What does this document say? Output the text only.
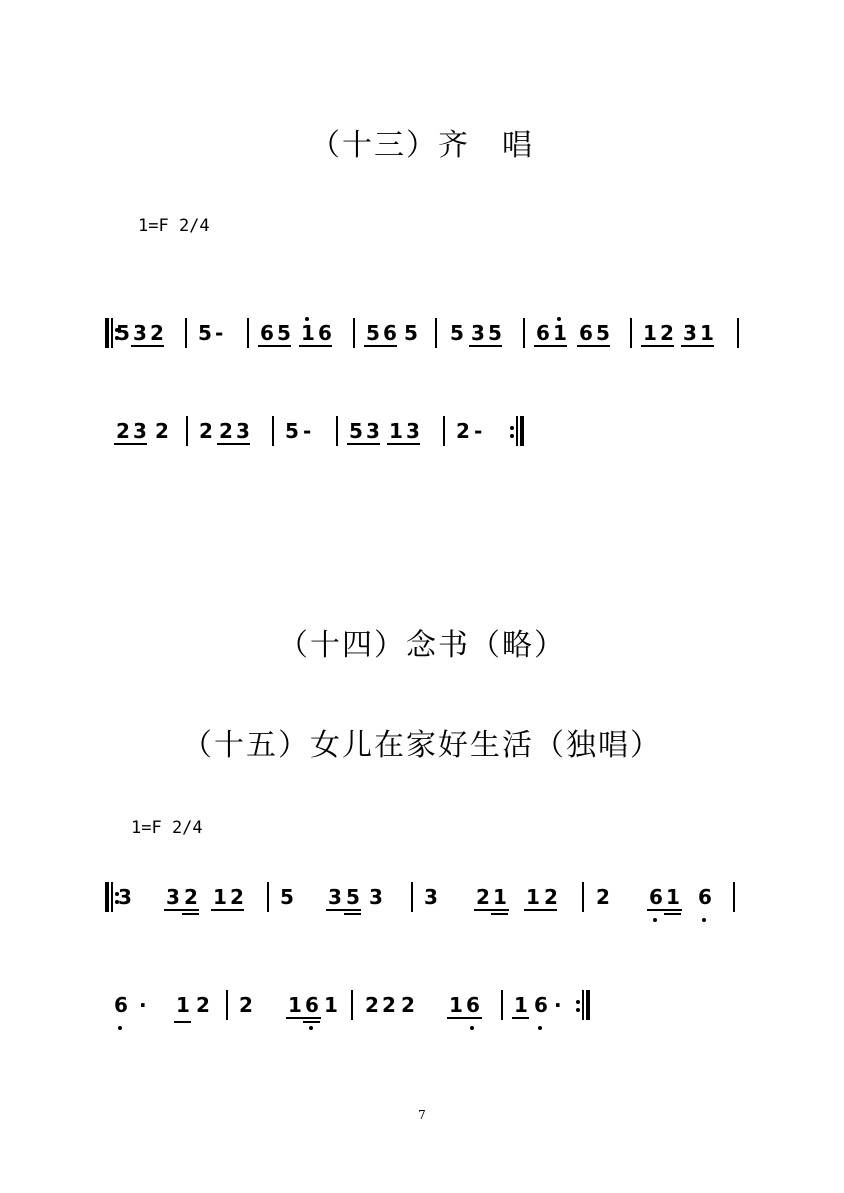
（十三）齐　唱
1=F 2/4
5 3 2 5 - 6 5 1 6 5 6 5 5 3 5 6 1 6 5 1 2 3 1
2 3 2 2 2 3 5 - 5 3 1 3 2 -
（十四）念书（略）
（十五）女儿在家好生活（独唱）
1=F 2/4
3 3 2 1 2 5 3 5 3 3 2 1 1 2 2 6 1 6
6 · 1 2 2 1 6 1 2 2 2 1 6 1 6 ·
7
